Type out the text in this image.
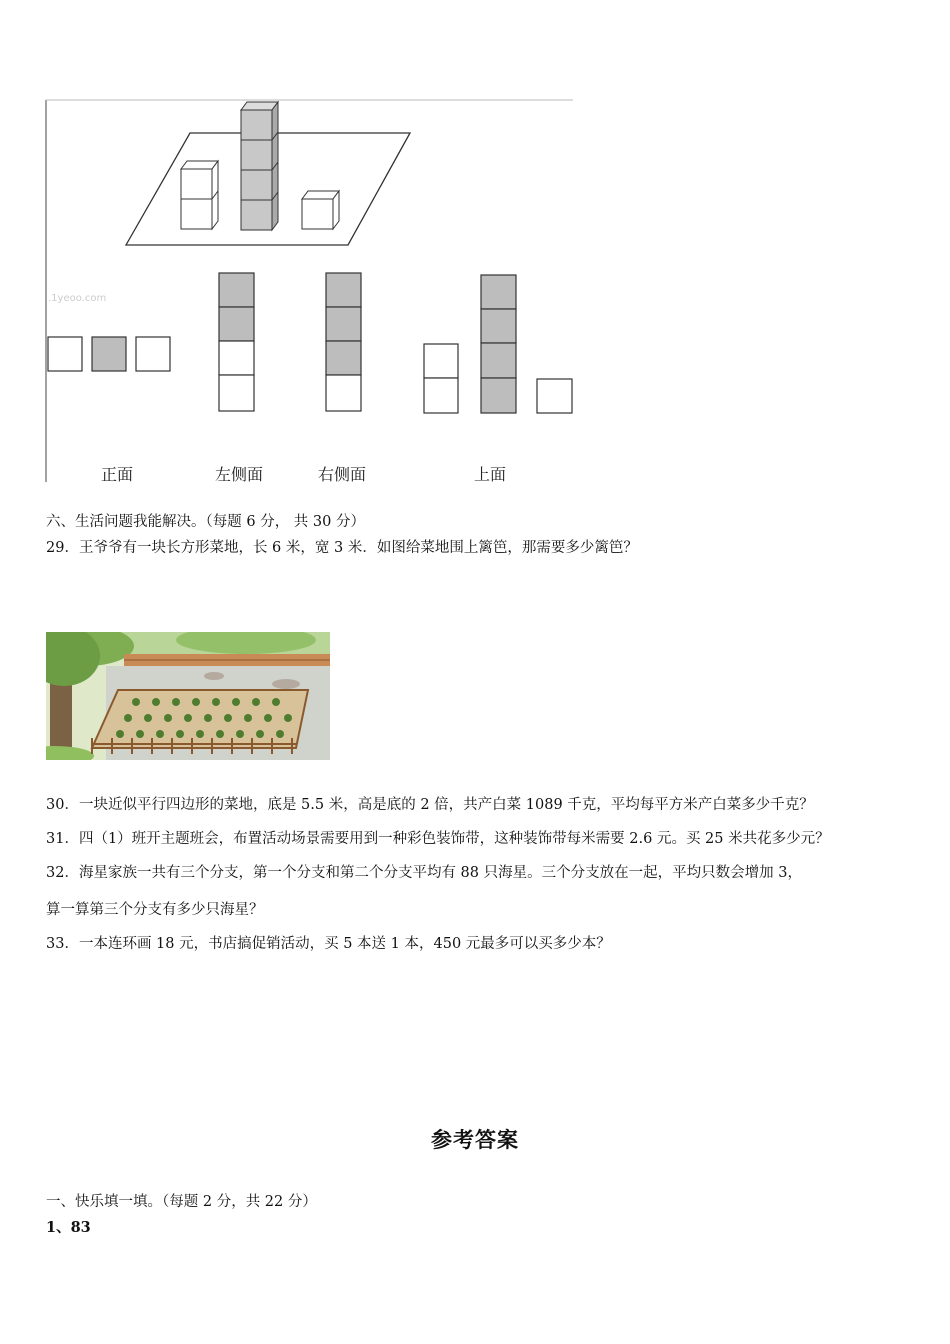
.1yeoo.com
正面	左侧面	右侧面	上面
六、生活问题我能解决。（每题 6 分， 共 30 分）
29．王爷爷有一块长方形菜地，长 6 米，宽 3 米．如图给菜地围上篱笆，那需要多少篱笆？
30．一块近似平行四边形的菜地，底是 5.5 米，高是底的 2 倍，共产白菜 1089 千克，平均每平方米产白菜多少千克？
31．四（1）班开主题班会，布置活动场景需要用到一种彩色装饰带，这种装饰带每米需要 2.6 元。买 25 米共花多少元？
32．海星家族一共有三个分支，第一个分支和第二个分支平均有 88 只海星。三个分支放在一起，平均只数会增加 3，
算一算第三个分支有多少只海星？
33．一本连环画 18 元，书店搞促销活动，买 5 本送 1 本，450 元最多可以买多少本？
参考答案
一、快乐填一填。（每题 2 分，共 22 分）
1、83
